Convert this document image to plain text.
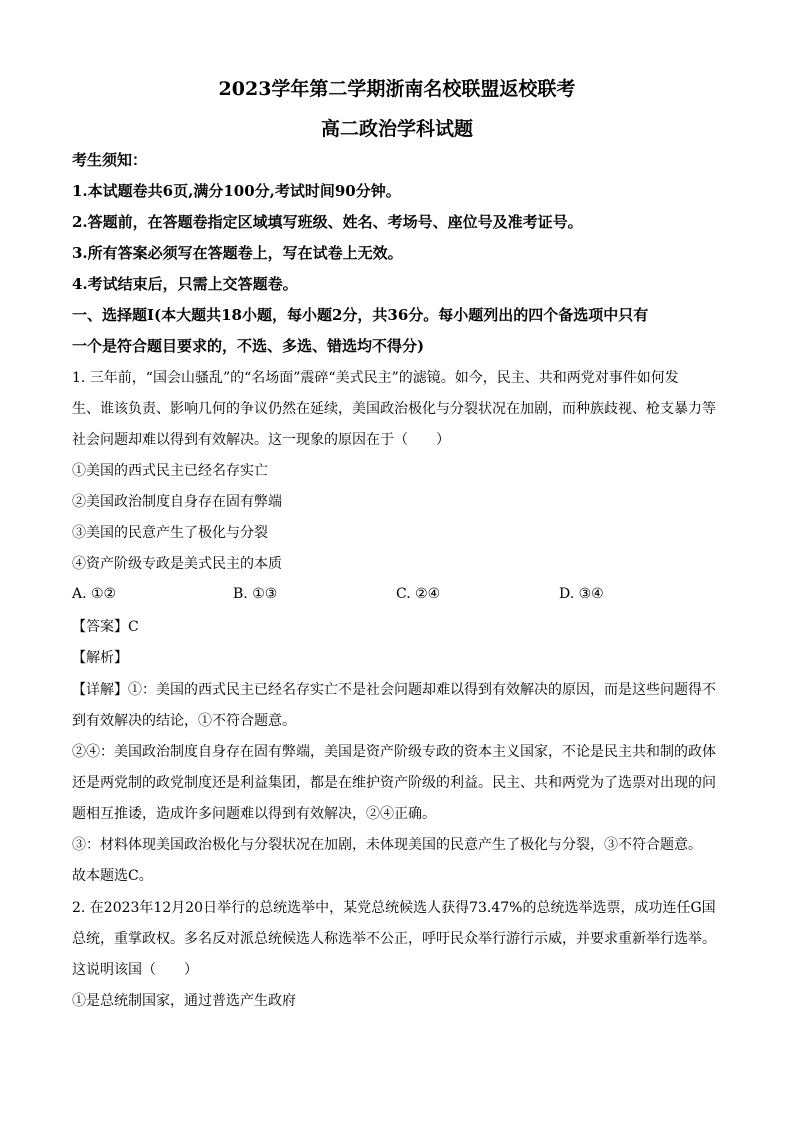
2023学年第二学期浙南名校联盟返校联考
高二政治学科试题
考生须知：
1.本试题卷共6页,满分100分,考试时间90分钟。
2.答题前，在答题卷指定区域填写班级、姓名、考场号、座位号及准考证号。
3.所有答案必须写在答题卷上，写在试卷上无效。
4.考试结束后，只需上交答题卷。
一、选择题Ⅰ(本大题共18小题，每小题2分，共36分。每小题列出的四个备选项中只有
一个是符合题目要求的，不选、多选、错选均不得分)
1. 三年前，“国会山骚乱”的“名场面”震碎“美式民主”的滤镜。如今，民主、共和两党对事件如何发
生、谁该负责、影响几何的争议仍然在延续，美国政治极化与分裂状况在加剧，而种族歧视、枪支暴力等
社会问题却难以得到有效解决。这一现象的原因在于（　　）
①美国的西式民主已经名存实亡
②美国政治制度自身存在固有弊端
③美国的民意产生了极化与分裂
④资产阶级专政是美式民主的本质
A. ①②	B. ①③	C. ②④	D. ③④
【答案】C
【解析】
【详解】①：美国的西式民主已经名存实亡不是社会问题却难以得到有效解决的原因，而是这些问题得不
到有效解决的结论，①不符合题意。
②④：美国政治制度自身存在固有弊端，美国是资产阶级专政的资本主义国家，不论是民主共和制的政体
还是两党制的政党制度还是利益集团，都是在维护资产阶级的利益。民主、共和两党为了选票对出现的问
题相互推诿，造成许多问题难以得到有效解决，②④正确。
③：材料体现美国政治极化与分裂状况在加剧，未体现美国的民意产生了极化与分裂，③不符合题意。
故本题选C。
2. 在2023年12月20日举行的总统选举中，某党总统候选人获得73.47%的总统选举选票，成功连任G国
总统，重掌政权。多名反对派总统候选人称选举不公正，呼吁民众举行游行示威，并要求重新举行选举。
这说明该国（　　）
①是总统制国家，通过普选产生政府
